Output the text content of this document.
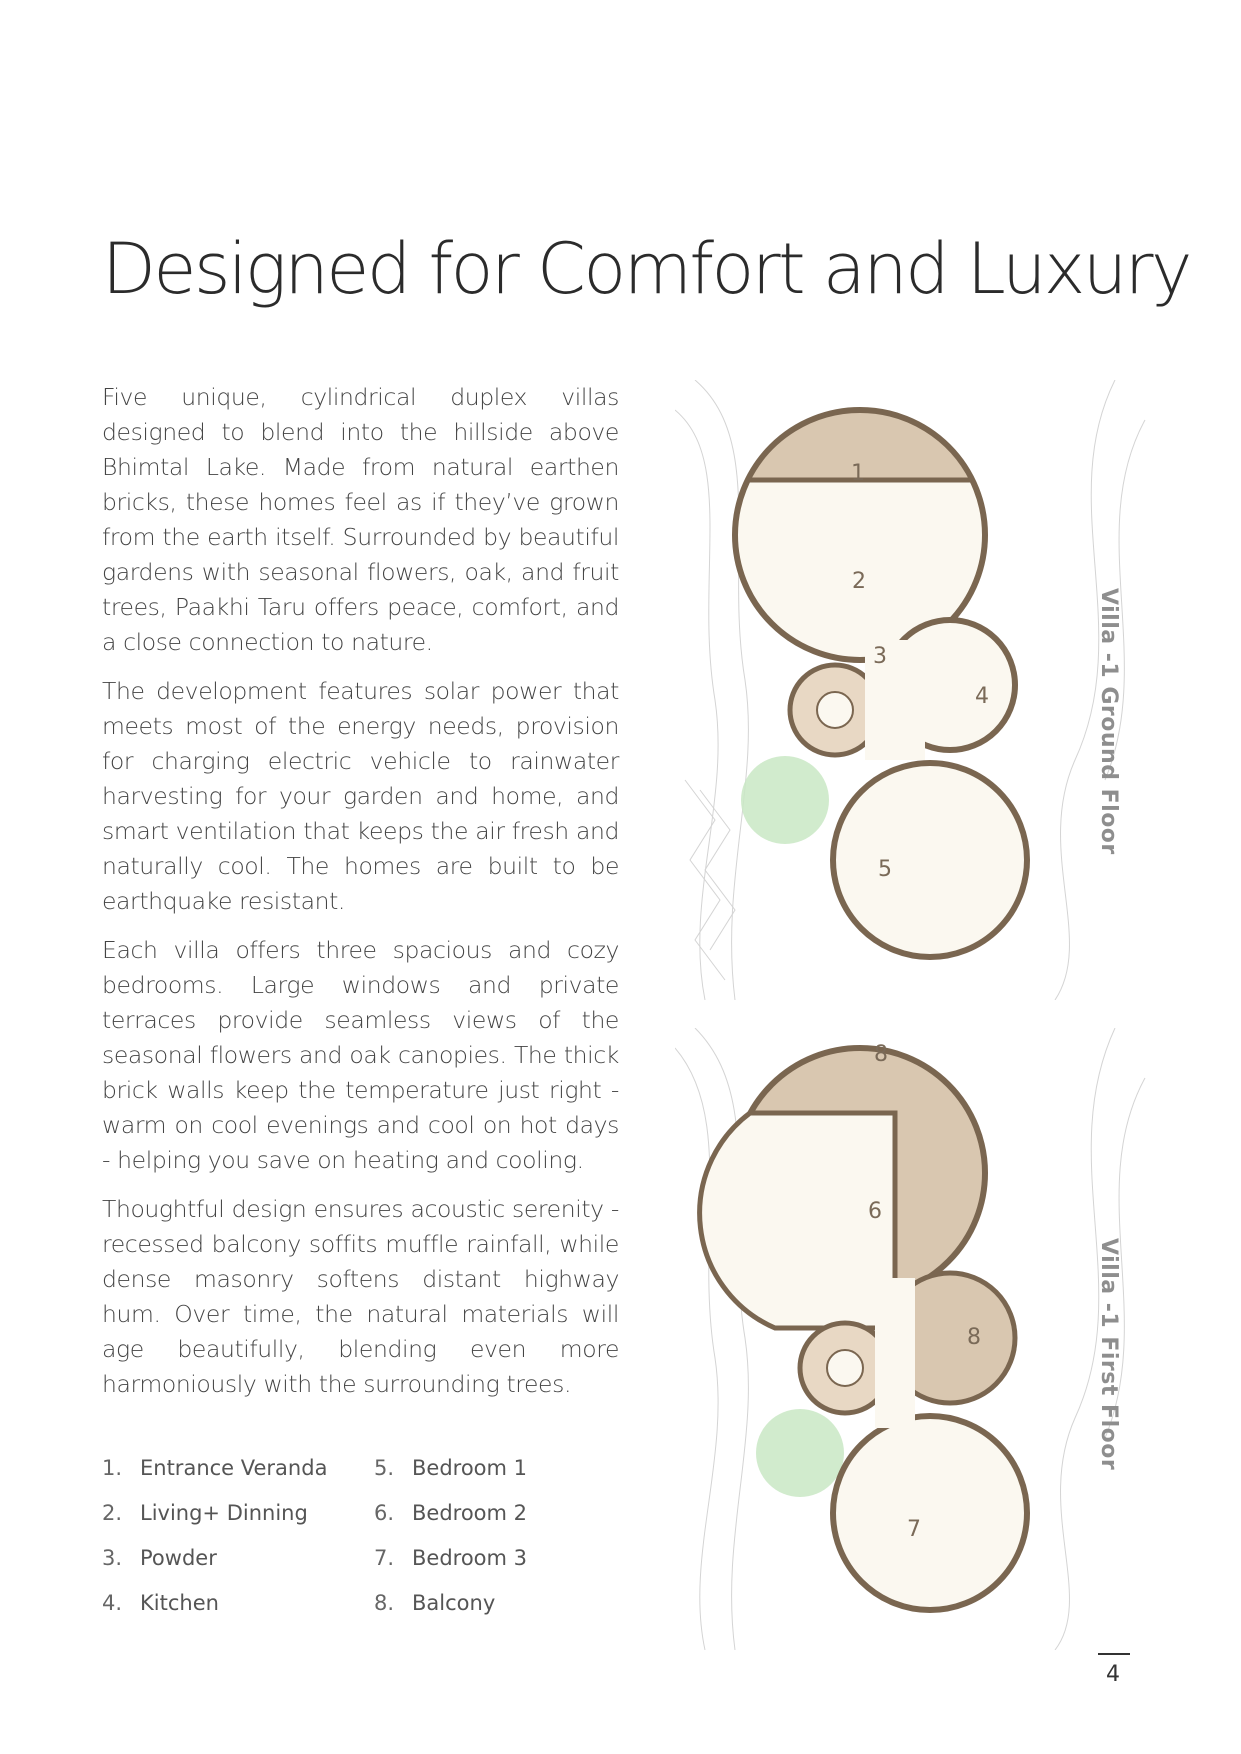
Designed for Comfort and Luxury

Five unique, cylindrical duplex villas designed to blend into the hillside above Bhimtal Lake. Made from natural earthen bricks, these homes feel as if they’ve grown from the earth itself. Surrounded by beautiful gardens with seasonal flowers, oak, and fruit trees, Paakhi Taru offers peace, comfort, and a close connection to nature.

The development features solar power that meets most of the energy needs, provision for charging electric vehicle to rainwater harvesting for your garden and home, and smart ventilation that keeps the air fresh and naturally cool. The homes are built to be earthquake resistant.

Each villa offers three spacious and cozy bedrooms. Large windows and private terraces provide seamless views of the seasonal flowers and oak canopies. The thick brick walls keep the temperature just right - warm on cool evenings and cool on hot days - helping you save on heating and cooling.

Thoughtful design ensures acoustic serenity - recessed balcony soffits muffle rainfall, while dense masonry softens distant highway hum. Over time, the natural materials will age beautifully, blending even more harmoniously with the surrounding trees.

1. Entrance Veranda
2. Living+ Dinning
3. Powder
4. Kitchen
5. Bedroom 1
6. Bedroom 2
7. Bedroom 3
8. Balcony
1
2
3
4
5
Villa -1 Ground Floor
8
6
8
7
Villa -1 First Floor
4
